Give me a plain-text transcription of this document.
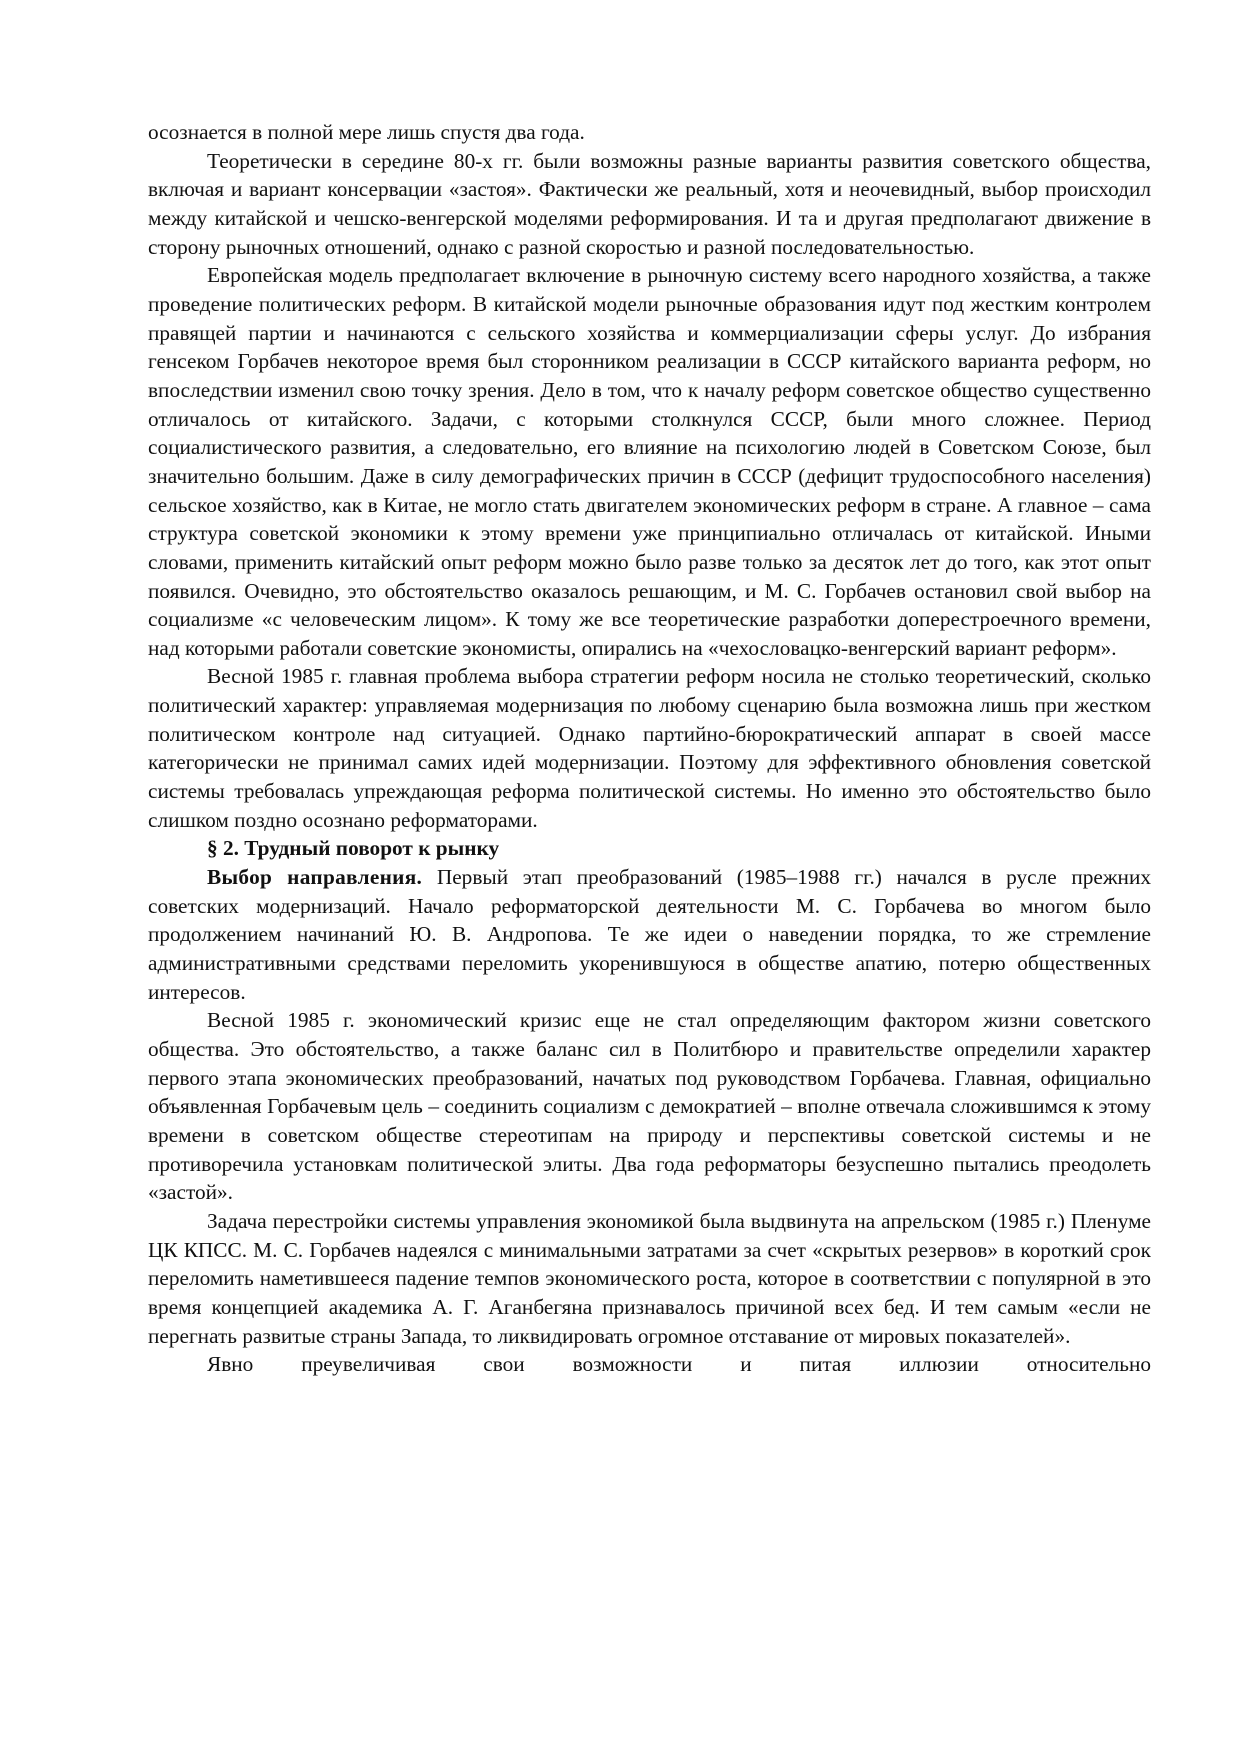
осознается в полной мере лишь спустя два года.

Теоретически в середине 80-х гг. были возможны разные варианты развития советского общества, включая и вариант консервации «застоя». Фактически же реальный, хотя и неочевидный, выбор происходил между китайской и чешско-венгерской моделями реформирования. И та и другая предполагают движение в сторону рыночных отношений, однако с разной скоростью и разной последовательностью.

Европейская модель предполагает включение в рыночную систему всего народного хозяйства, а также проведение политических реформ. В китайской модели рыночные образования идут под жестким контролем правящей партии и начинаются с сельского хозяйства и коммерциализации сферы услуг. До избрания генсеком Горбачев некоторое время был сторонником реализации в СССР китайского варианта реформ, но впоследствии изменил свою точку зрения. Дело в том, что к началу реформ советское общество существенно отличалось от китайского. Задачи, с которыми столкнулся СССР, были много сложнее. Период социалистического развития, а следовательно, его влияние на психологию людей в Советском Союзе, был значительно большим. Даже в силу демографических причин в СССР (дефицит трудоспособного населения) сельское хозяйство, как в Китае, не могло стать двигателем экономических реформ в стране. А главное – сама структура советской экономики к этому времени уже принципиально отличалась от китайской. Иными словами, применить китайский опыт реформ можно было разве только за десяток лет до того, как этот опыт появился. Очевидно, это обстоятельство оказалось решающим, и М. С. Горбачев остановил свой выбор на социализме «с человеческим лицом». К тому же все теоретические разработки доперестроечного времени, над которыми работали советские экономисты, опирались на «чехословацко-венгерский вариант реформ».

Весной 1985 г. главная проблема выбора стратегии реформ носила не столько теоретический, сколько политический характер: управляемая модернизация по любому сценарию была возможна лишь при жестком политическом контроле над ситуацией. Однако партийно-бюрократический аппарат в своей массе категорически не принимал самих идей модернизации. Поэтому для эффективного обновления советской системы требовалась упреждающая реформа политической системы. Но именно это обстоятельство было слишком поздно осознано реформаторами.

§ 2. Трудный поворот к рынку

Выбор направления. Первый этап преобразований (1985–1988 гг.) начался в русле прежних советских модернизаций. Начало реформаторской деятельности М. С. Горбачева во многом было продолжением начинаний Ю. В. Андропова. Те же идеи о наведении порядка, то же стремление административными средствами переломить укоренившуюся в обществе апатию, потерю общественных интересов.

Весной 1985 г. экономический кризис еще не стал определяющим фактором жизни советского общества. Это обстоятельство, а также баланс сил в Политбюро и правительстве определили характер первого этапа экономических преобразований, начатых под руководством Горбачева. Главная, официально объявленная Горбачевым цель – соединить социализм с демократией – вполне отвечала сложившимся к этому времени в советском обществе стереотипам на природу и перспективы советской системы и не противоречила установкам политической элиты. Два года реформаторы безуспешно пытались преодолеть «застой».

Задача перестройки системы управления экономикой была выдвинута на апрельском (1985 г.) Пленуме ЦК КПСС. М. С. Горбачев надеялся с минимальными затратами за счет «скрытых резервов» в короткий срок переломить наметившееся падение темпов экономического роста, которое в соответствии с популярной в это время концепцией академика А. Г. Аганбегяна признавалось причиной всех бед. И тем самым «если не перегнать развитые страны Запада, то ликвидировать огромное отставание от мировых показателей».

Явно преувеличивая свои возможности и питая иллюзии относительно
